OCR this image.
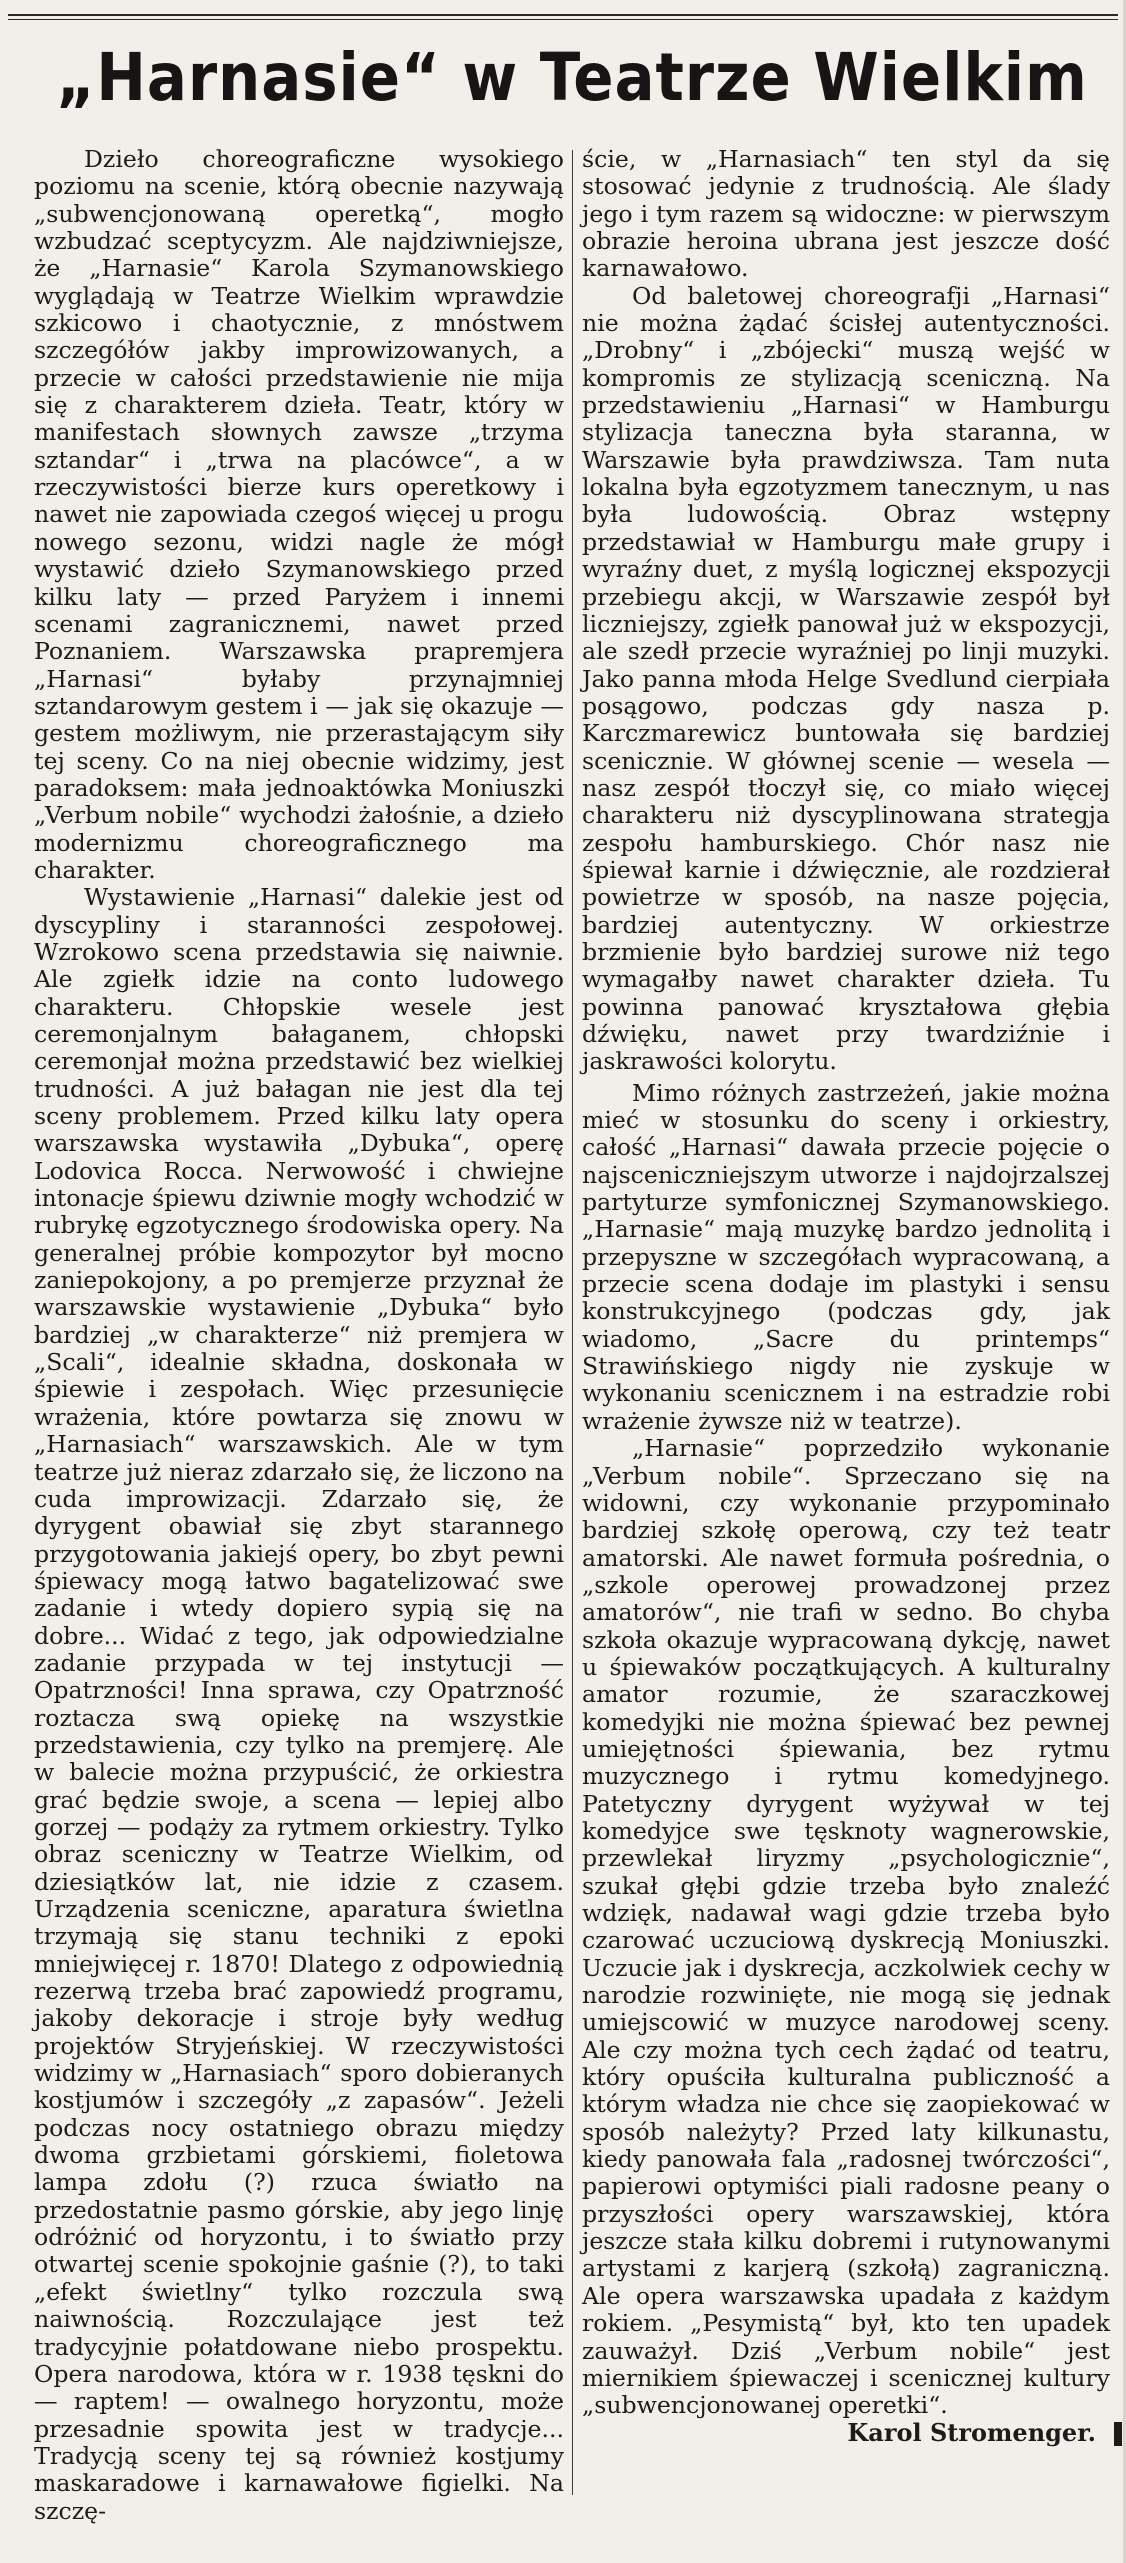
„Harnasie“ w Teatrze Wielkim

Dzieło choreograficzne wysokiego poziomu na scenie, którą obecnie nazywają „subwencjonowaną operetką“, mogło wzbudzać sceptycyzm. Ale najdziwniejsze, że „Harnasie“ Karola Szymanowskiego wyglądają w Teatrze Wielkim wprawdzie szkicowo i chaotycznie, z mnóstwem szczegółów jakby improwizowanych, a przecie w całości przedstawienie nie mija się z charakterem dzieła. Teatr, który w manifestach słownych zawsze „trzyma sztandar“ i „trwa na placówce“, a w rzeczywistości bierze kurs operetkowy i nawet nie zapowiada czegoś więcej u progu nowego sezonu, widzi nagle że mógł wystawić dzieło Szymanowskiego przed kilku laty — przed Paryżem i innemi scenami zagranicznemi, nawet przed Poznaniem. Warszawska prapremjera „Harnasi“ byłaby przynajmniej sztandarowym gestem i — jak się okazuje — gestem możliwym, nie przerastającym siły tej sceny. Co na niej obecnie widzimy, jest paradoksem: mała jednoaktówka Moniuszki „Verbum nobile“ wychodzi żałośnie, a dzieło modernizmu choreograficznego ma charakter.

Wystawienie „Harnasi“ dalekie jest od dyscypliny i staranności zespołowej. Wzrokowo scena przedstawia się naiwnie. Ale zgiełk idzie na conto ludowego charakteru. Chłopskie wesele jest ceremonjalnym bałaganem, chłopski ceremonjał można przedstawić bez wielkiej trudności. A już bałagan nie jest dla tej sceny problemem. Przed kilku laty opera warszawska wystawiła „Dybuka“, operę Lodovica Rocca. Nerwowość i chwiejne intonacje śpiewu dziwnie mogły wchodzić w rubrykę egzotycznego środowiska opery. Na generalnej próbie kompozytor był mocno zaniepokojony, a po premjerze przyznał że warszawskie wystawienie „Dybuka“ było bardziej „w charakterze“ niż premjera w „Scali“, idealnie składna, doskonała w śpiewie i zespołach. Więc przesunięcie wrażenia, które powtarza się znowu w „Harnasiach“ warszawskich. Ale w tym teatrze już nieraz zdarzało się, że liczono na cuda improwizacji. Zdarzało się, że dyrygent obawiał się zbyt starannego przygotowania jakiejś opery, bo zbyt pewni śpiewacy mogą łatwo bagatelizować swe zadanie i wtedy dopiero sypią się na dobre... Widać z tego, jak odpowiedzialne zadanie przypada w tej instytucji — Opatrzności! Inna sprawa, czy Opatrzność roztacza swą opiekę na wszystkie przedstawienia, czy tylko na premjerę. Ale w balecie można przypuścić, że orkiestra grać będzie swoje, a scena — lepiej albo gorzej — podąży za rytmem orkiestry. Tylko obraz sceniczny w Teatrze Wielkim, od dziesiątków lat, nie idzie z czasem. Urządzenia sceniczne, aparatura świetlna trzymają się stanu techniki z epoki mniejwięcej r. 1870! Dlatego z odpowiednią rezerwą trzeba brać zapowiedź programu, jakoby dekoracje i stroje były według projektów Stryjeńskiej. W rzeczywistości widzimy w „Harnasiach“ sporo dobieranych kostjumów i szczegóły „z zapasów“. Jeżeli podczas nocy ostatniego obrazu między dwoma grzbietami górskiemi, fioletowa lampa zdołu (?) rzuca światło na przedostatnie pasmo górskie, aby jego linję odróżnić od horyzontu, i to światło przy otwartej scenie spokojnie gaśnie (?), to taki „efekt świetlny“ tylko rozczula swą naiwnością. Rozczulające jest też tradycyjnie połatdowane niebo prospektu. Opera narodowa, która w r. 1938 tęskni do — raptem! — owalnego horyzontu, może przesadnie spowita jest w tradycje... Tradycją sceny tej są również kostjumy maskaradowe i karnawałowe figielki. Na szczę-

ście, w „Harnasiach“ ten styl da się stosować jedynie z trudnością. Ale ślady jego i tym razem są widoczne: w pierwszym obrazie heroina ubrana jest jeszcze dość karnawałowo.

Od baletowej choreografji „Harnasi“ nie można żądać ścisłej autentyczności. „Drobny“ i „zbójecki“ muszą wejść w kompromis ze stylizacją sceniczną. Na przedstawieniu „Harnasi“ w Hamburgu stylizacja taneczna była staranna, w Warszawie była prawdziwsza. Tam nuta lokalna była egzotyzmem tanecznym, u nas była ludowością. Obraz wstępny przedstawiał w Hamburgu małe grupy i wyraźny duet, z myślą logicznej ekspozycji przebiegu akcji, w Warszawie zespół był liczniejszy, zgiełk panował już w ekspozycji, ale szedł przecie wyraźniej po linji muzyki. Jako panna młoda Helge Svedlund cierpiała posągowo, podczas gdy nasza p. Karczmarewicz buntowała się bardziej scenicznie. W głównej scenie — wesela — nasz zespół tłoczył się, co miało więcej charakteru niż dyscyplinowana strategja zespołu hamburskiego. Chór nasz nie śpiewał karnie i dźwięcznie, ale rozdzierał powietrze w sposób, na nasze pojęcia, bardziej autentyczny. W orkiestrze brzmienie było bardziej surowe niż tego wymagałby nawet charakter dzieła. Tu powinna panować kryształowa głębia dźwięku, nawet przy twardziźnie i jaskrawości kolorytu.

Mimo różnych zastrzeżeń, jakie można mieć w stosunku do sceny i orkiestry, całość „Harnasi“ dawała przecie pojęcie o najsceniczniejszym utworze i najdojrzalszej partyturze symfonicznej Szymanowskiego. „Harnasie“ mają muzykę bardzo jednolitą i przepyszne w szczegółach wypracowaną, a przecie scena dodaje im plastyki i sensu konstrukcyjnego (podczas gdy, jak wiadomo, „Sacre du printemps“ Strawińskiego nigdy nie zyskuje w wykonaniu scenicznem i na estradzie robi wrażenie żywsze niż w teatrze).

„Harnasie“ poprzedziło wykonanie „Verbum nobile“. Sprzeczano się na widowni, czy wykonanie przypominało bardziej szkołę operową, czy też teatr amatorski. Ale nawet formuła pośrednia, o „szkole operowej prowadzonej przez amatorów“, nie trafi w sedno. Bo chyba szkoła okazuje wypracowaną dykcję, nawet u śpiewaków początkujących. A kulturalny amator rozumie, że szaraczkowej komedyjki nie można śpiewać bez pewnej umiejętności śpiewania, bez rytmu muzycznego i rytmu komedyjnego. Patetyczny dyrygent wyżywał w tej komedyjce swe tęsknoty wagnerowskie, przewlekał liryzmy „psychologicznie“, szukał głębi gdzie trzeba było znaleźć wdzięk, nadawał wagi gdzie trzeba było czarować uczuciową dyskrecją Moniuszki. Uczucie jak i dyskrecja, aczkolwiek cechy w narodzie rozwinięte, nie mogą się jednak umiejscowić w muzyce narodowej sceny. Ale czy można tych cech żądać od teatru, który opuściła kulturalna publiczność a którym władza nie chce się zaopiekować w sposób należyty? Przed laty kilkunastu, kiedy panowała fala „radosnej twórczości“, papierowi optymiści piali radosne peany o przyszłości opery warszawskiej, która jeszcze stała kilku dobremi i rutynowanymi artystami z karjerą (szkołą) zagraniczną. Ale opera warszawska upadała z każdym rokiem. „Pesymistą“ był, kto ten upadek zauważył. Dziś „Verbum nobile“ jest miernikiem śpiewaczej i scenicznej kultury „subwencjonowanej operetki“.

Karol Stromenger.
